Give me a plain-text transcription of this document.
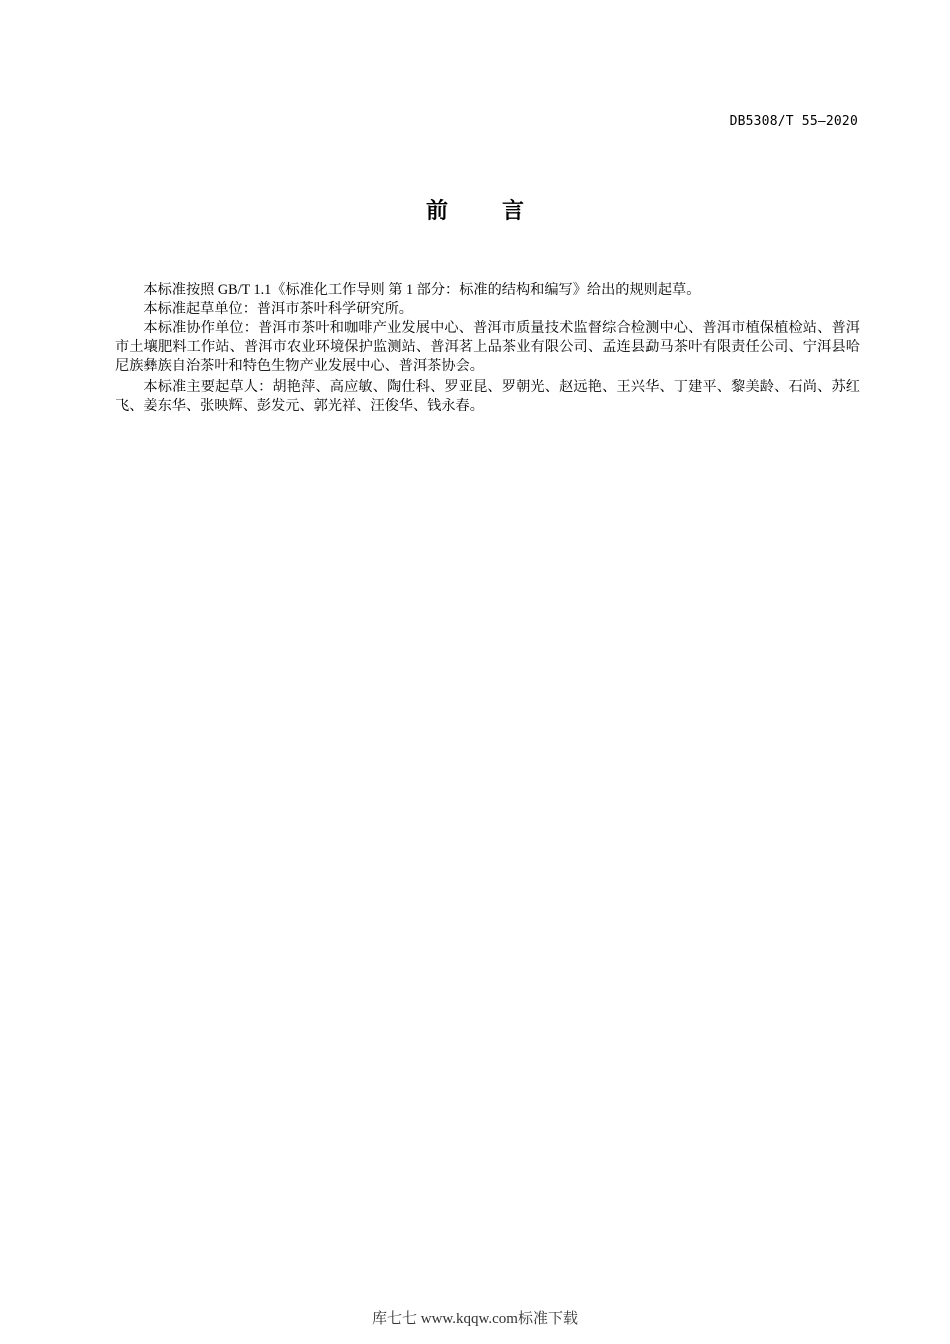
DB5308/T 55—2020
前言

本标准按照 GB/T 1.1《标准化工作导则 第 1 部分：标准的结构和编写》给出的规则起草。

本标准起草单位：普洱市茶叶科学研究所。

本标准协作单位：普洱市茶叶和咖啡产业发展中心、普洱市质量技术监督综合检测中心、普洱市植保植检站、普洱市土壤肥料工作站、普洱市农业环境保护监测站、普洱茗上品茶业有限公司、孟连县勐马茶叶有限责任公司、宁洱县哈尼族彝族自治茶叶和特色生物产业发展中心、普洱茶协会。

本标准主要起草人：胡艳萍、高应敏、陶仕科、罗亚昆、罗朝光、赵远艳、王兴华、丁建平、黎美龄、石尚、苏红飞、姜东华、张映辉、彭发元、郭光祥、汪俊华、钱永春。

库七七 www.kqqw.com标准下载
